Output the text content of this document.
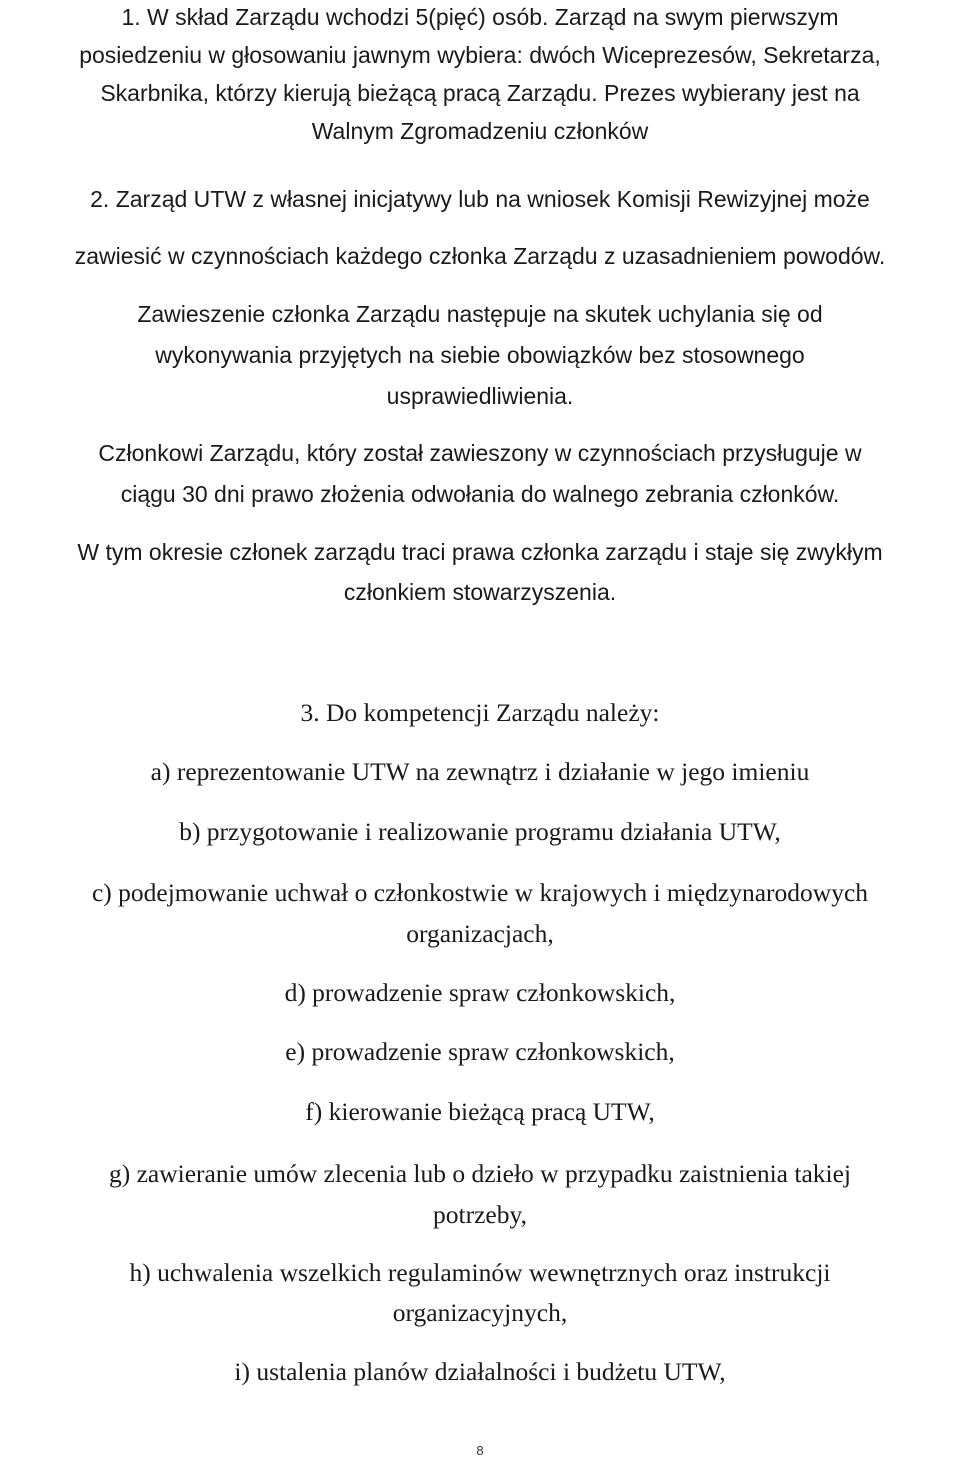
1. W skład Zarządu wchodzi 5(pięć) osób. Zarząd na swym pierwszym
posiedzeniu w głosowaniu jawnym wybiera: dwóch Wiceprezesów, Sekretarza,
Skarbnika, którzy kierują bieżącą pracą Zarządu. Prezes wybierany jest na
Walnym Zgromadzeniu członków
2. Zarząd UTW z własnej inicjatywy lub na wniosek Komisji Rewizyjnej może
zawiesić w czynnościach każdego członka Zarządu z uzasadnieniem powodów.
Zawieszenie członka Zarządu następuje na skutek uchylania się od
wykonywania przyjętych na siebie obowiązków bez stosownego
usprawiedliwienia.
Członkowi Zarządu, który został zawieszony w czynnościach przysługuje w
ciągu 30 dni prawo złożenia odwołania do walnego zebrania członków.
W tym okresie członek zarządu traci prawa członka zarządu i staje się zwykłym
członkiem stowarzyszenia.
3. Do kompetencji Zarządu należy:
a) reprezentowanie UTW na zewnątrz i działanie w jego imieniu
b) przygotowanie i realizowanie programu działania UTW,
c) podejmowanie uchwał o członkostwie w krajowych i międzynarodowych
organizacjach,
d) prowadzenie spraw członkowskich,
e) prowadzenie spraw członkowskich,
f) kierowanie bieżącą pracą UTW,
g) zawieranie umów zlecenia lub o dzieło w przypadku zaistnienia takiej
potrzeby,
h) uchwalenia wszelkich regulaminów wewnętrznych oraz instrukcji
organizacyjnych,
i) ustalenia planów działalności i budżetu UTW,
8
